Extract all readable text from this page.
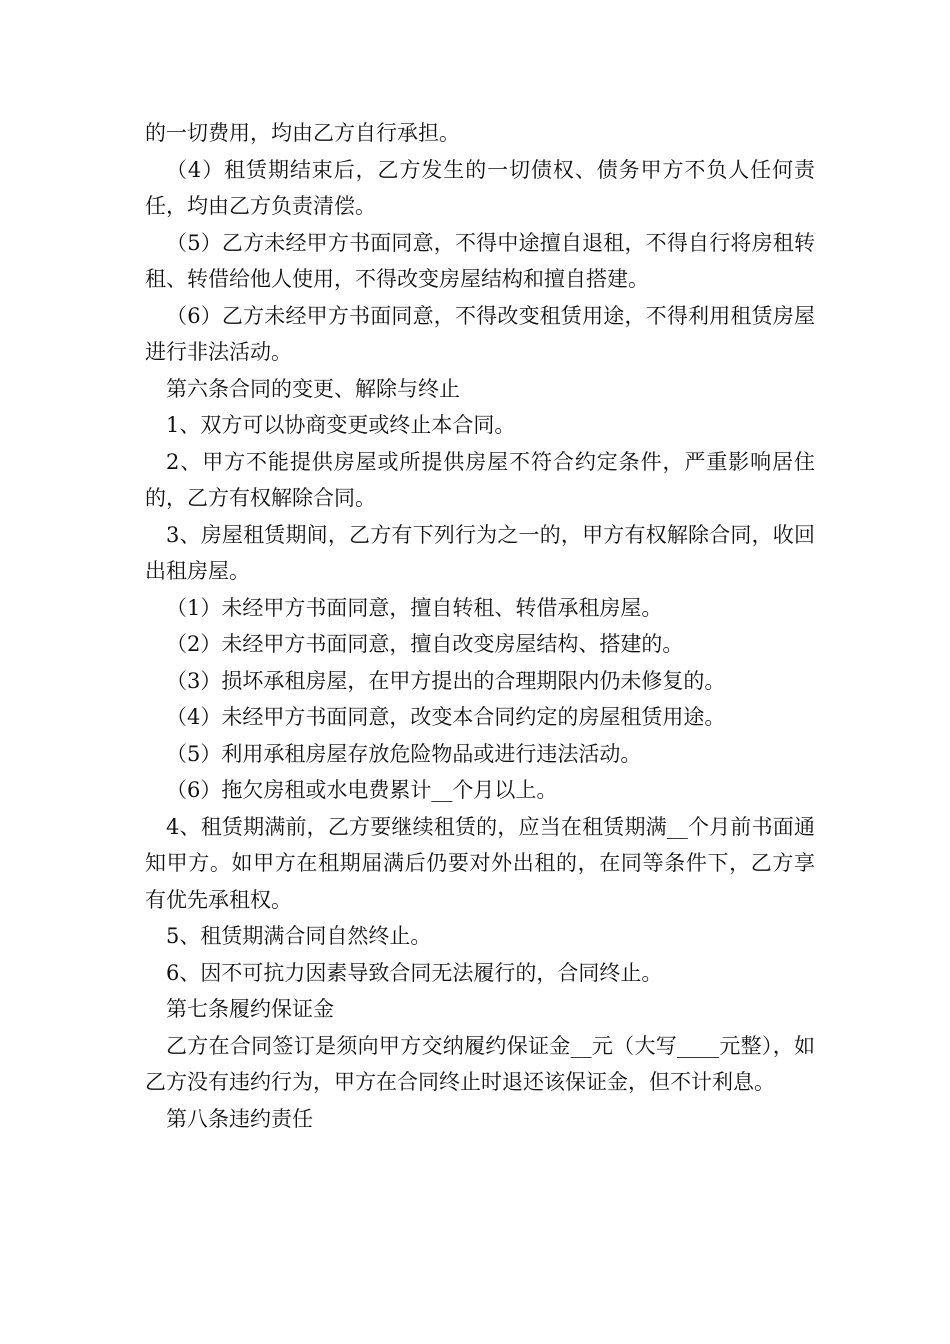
的一切费用，均由乙方自行承担。

（4）租赁期结束后，乙方发生的一切债权、债务甲方不负人任何责任，均由乙方负责清偿。

（5）乙方未经甲方书面同意，不得中途擅自退租，不得自行将房租转租、转借给他人使用，不得改变房屋结构和擅自搭建。

（6）乙方未经甲方书面同意，不得改变租赁用途，不得利用租赁房屋进行非法活动。

第六条合同的变更、解除与终止

1、双方可以协商变更或终止本合同。

2、甲方不能提供房屋或所提供房屋不符合约定条件，严重影响居住的，乙方有权解除合同。

3、房屋租赁期间，乙方有下列行为之一的，甲方有权解除合同，收回出租房屋。

（1）未经甲方书面同意，擅自转租、转借承租房屋。

（2）未经甲方书面同意，擅自改变房屋结构、搭建的。

（3）损坏承租房屋，在甲方提出的合理期限内仍未修复的。

（4）未经甲方书面同意，改变本合同约定的房屋租赁用途。

（5）利用承租房屋存放危险物品或进行违法活动。

（6）拖欠房租或水电费累计__个月以上。

4、租赁期满前，乙方要继续租赁的，应当在租赁期满__个月前书面通知甲方。如甲方在租期届满后仍要对外出租的，在同等条件下，乙方享有优先承租权。

5、租赁期满合同自然终止。

6、因不可抗力因素导致合同无法履行的，合同终止。

第七条履约保证金

乙方在合同签订是须向甲方交纳履约保证金__元（大写____元整），如乙方没有违约行为，甲方在合同终止时退还该保证金，但不计利息。

第八条违约责任
